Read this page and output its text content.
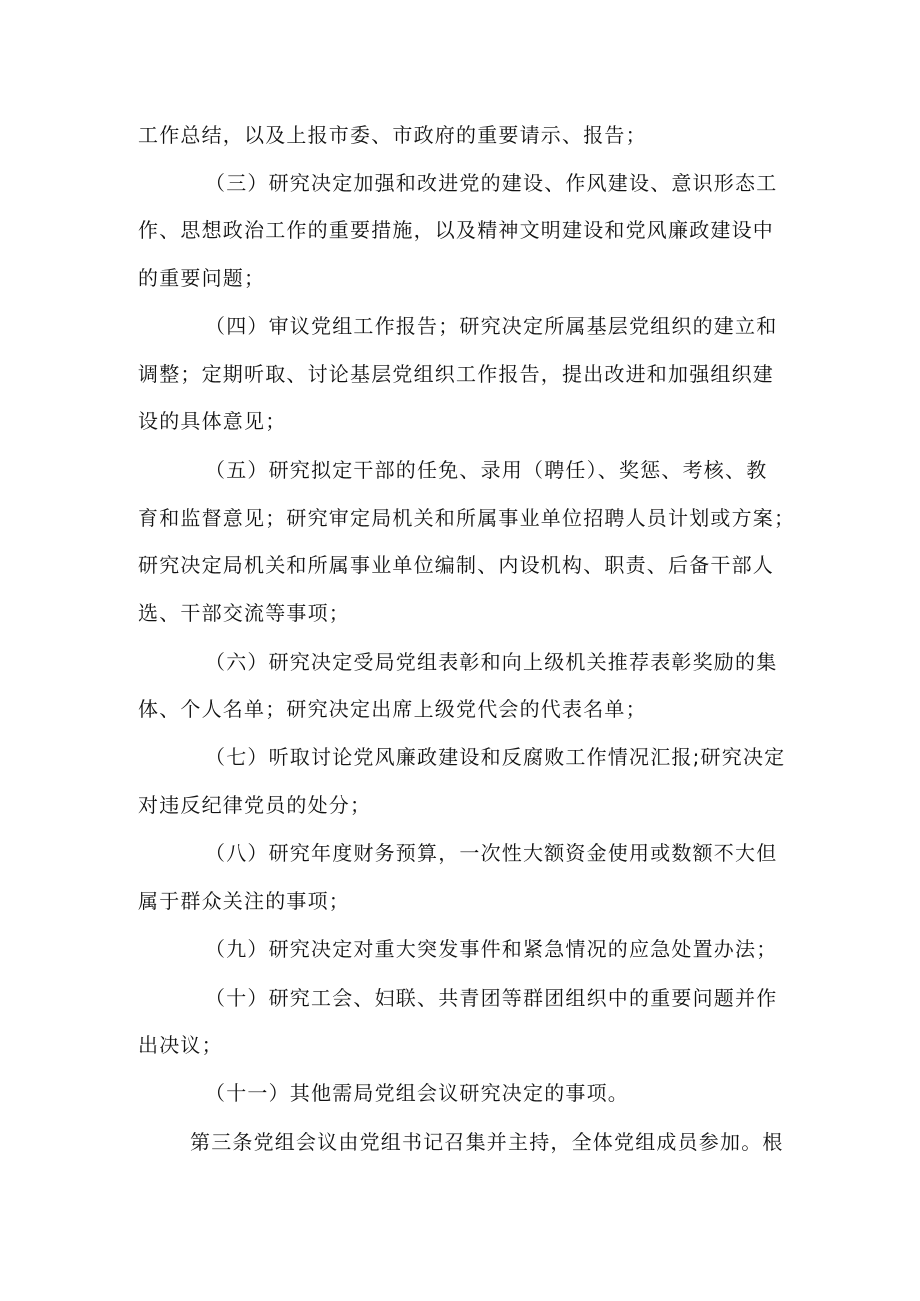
工作总结，以及上报市委、市政府的重要请示、报告；
（三）研究决定加强和改进党的建设、作风建设、意识形态工
作、思想政治工作的重要措施，以及精神文明建设和党风廉政建设中
的重要问题；
（四）审议党组工作报告；研究决定所属基层党组织的建立和
调整；定期听取、讨论基层党组织工作报告，提出改进和加强组织建
设的具体意见；
（五）研究拟定干部的任免、录用（聘任）、奖惩、考核、教
育和监督意见；研究审定局机关和所属事业单位招聘人员计划或方案；
研究决定局机关和所属事业单位编制、内设机构、职责、后备干部人
选、干部交流等事项；
（六）研究决定受局党组表彰和向上级机关推荐表彰奖励的集
体、个人名单；研究决定出席上级党代会的代表名单；
（七）听取讨论党风廉政建设和反腐败工作情况汇报;研究决定
对违反纪律党员的处分；
（八）研究年度财务预算，一次性大额资金使用或数额不大但
属于群众关注的事项；
（九）研究决定对重大突发事件和紧急情况的应急处置办法；
（十）研究工会、妇联、共青团等群团组织中的重要问题并作
出决议；
（十一）其他需局党组会议研究决定的事项。
第三条党组会议由党组书记召集并主持，全体党组成员参加。根
